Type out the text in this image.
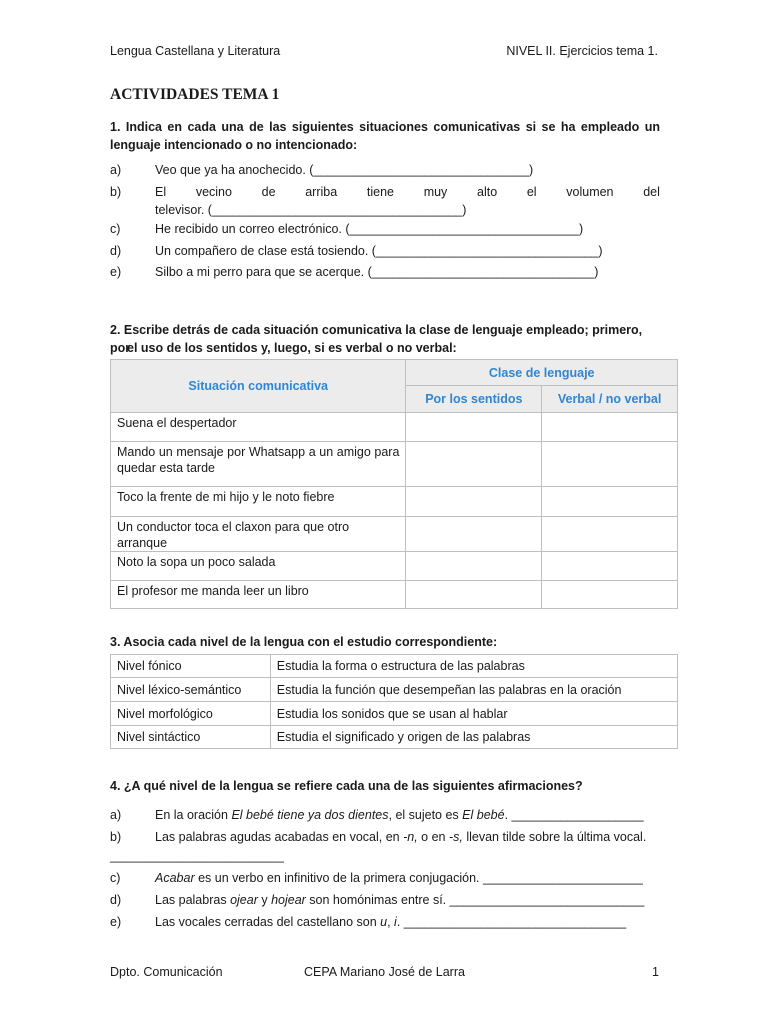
Lengua Castellana y Literatura	NIVEL II. Ejercicios tema 1.
ACTIVIDADES TEMA 1
1. Indica en cada una de las siguientes situaciones comunicativas si se ha empleado un lenguaje intencionado o no intencionado:
a)	Veo que ya ha anochecido. (_______________________________)
b)	El vecino de arriba tiene muy alto el volumen del
televisor. (____________________________________)
c)	He recibido un correo electrónico. (_________________________________)
d)	Un compañero de clase está tosiendo. (________________________________)
e)	Silbo a mi perro para que se acerque. (________________________________)
2. Escribe detrás de cada situación comunicativa la clase de lenguaje empleado; primero, por
el uso de los sentidos y, luego, si es verbal o no verbal:
Situación comunicativa	Clase de lenguaje	
	Por los sentidos	Verbal / no verbal
Suena el despertador		
Mando un mensaje por Whatsapp a un amigo para quedar esta tarde		
Toco la frente de mi hijo y le noto fiebre		
Un conductor toca el claxon para que otro arranque		
Noto la sopa un poco salada		
El profesor me manda leer un libro		
3. Asocia cada nivel de la lengua con el estudio correspondiente:
Nivel fónico	Estudia la forma o estructura de las palabras
Nivel léxico-semántico	Estudia la función que desempeñan las palabras en la oración
Nivel morfológico	Estudia los sonidos que se usan al hablar
Nivel sintáctico	Estudia el significado y origen de las palabras
4. ¿A qué nivel de la lengua se refiere cada una de las siguientes afirmaciones?
a)	En la oración El bebé tiene ya dos dientes, el sujeto es El bebé. ___________________
b)	Las palabras agudas acabadas en vocal, en -n, o en -s, llevan tilde sobre la última vocal.
_________________________
c)	Acabar es un verbo en infinitivo de la primera conjugación. _______________________
d)	Las palabras ojear y hojear son homónimas entre sí. ____________________________
e)	Las vocales cerradas del castellano son u, i. ________________________________
Dpto. Comunicación	CEPA Mariano José de Larra	1
